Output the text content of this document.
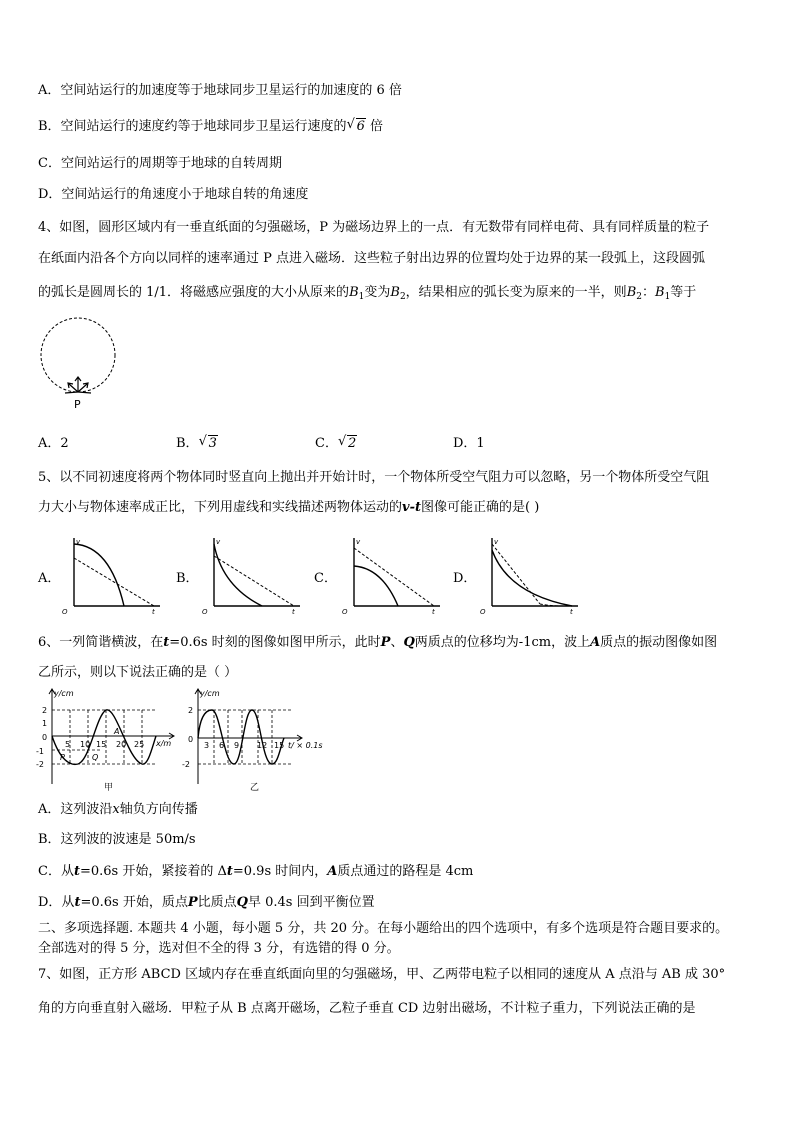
A．空间站运行的加速度等于地球同步卫星运行的加速度的 6 倍
B．空间站运行的速度约等于地球同步卫星运行速度的 √ 6 倍
C．空间站运行的周期等于地球的自转周期
D．空间站运行的角速度小于地球自转的角速度
4、如图，圆形区域内有一垂直纸面的匀强磁场，P 为磁场边界上的一点．有无数带有同样电荷、具有同样质量的粒子
在纸面内沿各个方向以同样的速率通过 P 点进入磁场．这些粒子射出边界的位置均处于边界的某一段弧上，这段圆弧
的弧长是圆周长的 1/1．将磁感应强度的大小从原来的$B_1$变为$B_2$，结果相应的弧长变为原来的一半，则$B_2$：$B_1$等于
P
A．2	B． √ 3	C． √ 2	D．1
5、以不同初速度将两个物体同时竖直向上抛出并开始计时，一个物体所受空气阻力可以忽略，另一个物体所受空气阻
力大小与物体速率成正比，下列用虚线和实线描述两物体运动的v-t图像可能正确的是( )
A．
v
t
O
B．
v
t
O
C．
v
t
O
D．
v
t
O
6、一列简谐横波，在t=0.6s 时刻的图像如图甲所示，此时P、Q两质点的位移均为-1cm，波上A质点的振动图像如图
乙所示，则以下说法正确的是（ ）
y/cm
x/m
2
1
0
-1
-2
5 10 15 20 25
P
A
Q
甲
y/cm
t/ × 0.1s
2
0
-2
3 6 9 12 15
乙
A．这列波沿x轴负方向传播
B．这列波的波速是 50m/s
C．从t=0.6s 开始，紧接着的 Δt=0.9s 时间内，A质点通过的路程是 4cm
D．从t=0.6s 开始，质点P比质点Q早 0.4s 回到平衡位置
二、多项选择题. 本题共 4 小题，每小题 5 分，共 20 分。在每小题给出的四个选项中，有多个选项是符合题目要求的。
全部选对的得 5 分，选对但不全的得 3 分，有选错的得 0 分。
7、如图，正方形 ABCD 区域内存在垂直纸面向里的匀强磁场，甲、乙两带电粒子以相同的速度从 A 点沿与 AB 成 30°
角的方向垂直射入磁场．甲粒子从 B 点离开磁场，乙粒子垂直 CD 边射出磁场，不计粒子重力，下列说法正确的是
